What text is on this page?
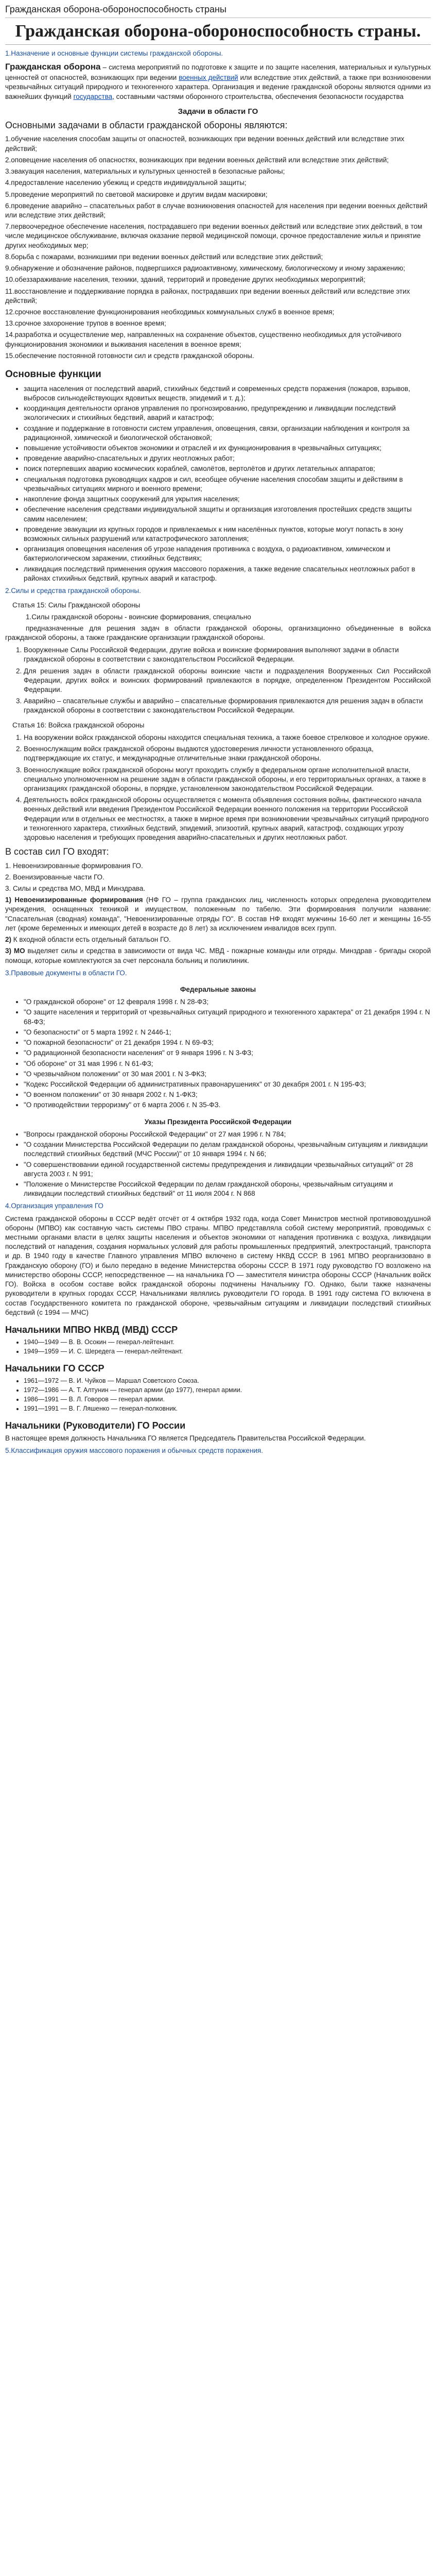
Гражданская оборона-обороноспособность страны
Гражданская оборона-обороноспособность страны.
1.Назначение и основные функции системы гражданской обороны.

Гражданская оборона – система мероприятий по подготовке к защите и по защите населения, материальных и культурных ценностей от опасностей, возникающих при ведении военных действий или вследствие этих действий, а также при возникновении чрезвычайных ситуаций природного и техногенного характера. Организация и ведение гражданской обороны являются одними из важнейших функций государства, составными частями оборонного строительства, обеспечения безопасности государства

Задачи в области ГО
Основными задачами в области гражданской обороны являются:

1.обучение населения способам защиты от опасностей, возникающих при ведении военных действий или вследствие этих действий;

2.оповещение населения об опасностях, возникающих при ведении военных действий или вследствие этих действий;

3.эвакуация населения, материальных и культурных ценностей в безопасные районы;

4.предоставление населению убежищ и средств индивидуальной защиты;

5.проведение мероприятий по световой маскировке и другим видам маскировки;

6.проведение аварийно – спасательных работ в случае возникновения опасностей для населения при ведении военных действий или вследствие этих действий;

7.первоочередное обеспечение населения, пострадавшего при ведении военных действий или вследствие этих действий, в том числе медицинское обслуживание, включая оказание первой медицинской помощи, срочное предоставление жилья и принятие других необходимых мер;

8.борьба с пожарами, возникшими при ведении военных действий или вследствие этих действий;

9.обнаружение и обозначение районов, подвергшихся радиоактивному, химическому, биологическому и иному заражению;

10.обеззараживание населения, техники, зданий, территорий и проведение других необходимых мероприятий;

11.восстановление и поддерживание порядка в районах, пострадавших при ведении военных действий или вследствие этих действий;

12.срочное восстановление функционирования необходимых коммунальных служб в военное время;

13.срочное захоронение трупов в военное время;

14.разработка и осуществление мер, направленных на сохранение объектов, существенно необходимых для устойчивого функционирования экономики и выживания населения в военное время;

15.обеспечение постоянной готовности сил и средств гражданской обороны.

Основные функции
• защита населения от последствий аварий, стихийных бедствий и современных средств поражения (пожаров, взрывов, выбросов сильнодействующих ядовитых веществ, эпидемий и т. д.);
• координация деятельности органов управления по прогнозированию, предупреждению и ликвидации последствий экологических и стихийных бедствий, аварий и катастроф;
• создание и поддержание в готовности систем управления, оповещения, связи, организации наблюдения и контроля за радиационной, химической и биологической обстановкой;
• повышение устойчивости объектов экономики и отраслей и их функционирования в чрезвычайных ситуациях;
• проведение аварийно-спасательных и других неотложных работ;
• поиск потерпевших аварию космических кораблей, самолётов, вертолётов и других летательных аппаратов;
• специальная подготовка руководящих кадров и сил, всеобщее обучение населения способам защиты и действиям в чрезвычайных ситуациях мирного и военного времени;
• накопление фонда защитных сооружений для укрытия населения;
• обеспечение населения средствами индивидуальной защиты и организация изготовления простейших средств защиты самим населением;
• проведение эвакуации из крупных городов и привлекаемых к ним населённых пунктов, которые могут попасть в зону возможных сильных разрушений или катастрофического затопления;
• организация оповещения населения об угрозе нападения противника с воздуха, о радиоактивном, химическом и бактериологическом заражении, стихийных бедствиях;
• ликвидация последствий применения оружия массового поражения, а также ведение спасательных неотложных работ в районах стихийных бедствий, крупных аварий и катастроф.
2.Силы и средства гражданской обороны.

Статья 15: Силы Гражданской обороны

1.Силы гражданской обороны - воинские формирования, специально

предназначенные для решения задач в области гражданской обороны, организационно объединенные в войска гражданской обороны, а также гражданские организации гражданской обороны.

1. Вооруженные Силы Российской Федерации, другие войска и воинские формирования выполняют задачи в области гражданской обороны в соответствии с законодательством Российской Федерации.
2. Для решения задач в области гражданской обороны воинские части и подразделения Вооруженных Сил Российской Федерации, других войск и воинских формирований привлекаются в порядке, определенном Президентом Российской Федерации.
3. Аварийно – спасательные службы и аварийно – спасательные формирования привлекаются для решения задач в области гражданской обороны в соответствии с законодательством Российской Федерации.

Статья 16: Войска гражданской обороны

1. На вооружении войск гражданской обороны находится специальная техника, а также боевое стрелковое и холодное оружие.
2. Военнослужащим войск гражданской обороны выдаются удостоверения личности установленного образца, подтверждающие их статус, и международные отличительные знаки гражданской обороны.
3. Военнослужащие войск гражданской обороны могут проходить службу в федеральном органе исполнительной власти, специально уполномоченном на решение задач в области гражданской обороны, и его территориальных органах, а также в организациях гражданской обороны, в порядке, установленном законодательством Российской Федерации.
4. Деятельность войск гражданской обороны осуществляется с момента объявления состояния войны, фактического начала военных действий или введения Президентом Российской Федерации военного положения на территории Российской Федерации или в отдельных ее местностях, а также в мирное время при возникновении чрезвычайных ситуаций природного и техногенного характера, стихийных бедствий, эпидемий, эпизоотий, крупных аварий, катастроф, создающих угрозу здоровью населения и требующих проведения аварийно-спасательных и других неотложных работ.
В состав сил ГО входят:

1. Невоенизированные формирования ГО.

2. Военизированные части ГО.

3. Силы и средства МО, МВД и Минздрава.

1) Невоенизированные формирования (НФ ГО – группа гражданских лиц, численность которых определена руководителем учреждения, оснащенных техникой и имуществом, положенным по табелю. Эти формирования получили название: "Спасательная (сводная) команда", "Невоенизированные отряды ГО". В состав НФ входят мужчины 16-60 лет и женщины 16-55 лет (кроме беременных и имеющих детей в возрасте до 8 лет) за исключением инвалидов всех групп.

2) К входной области есть отдельный батальон ГО.

3) МО выделяет силы и средства в зависимости от вида ЧС. МВД - пожарные команды или отряды. Минздрав - бригады скорой помощи, которые комплектуются за счет персонала больниц и поликлиник.

3.Правовые документы в области ГО.

Федеральные законы

• "О гражданской обороне" от 12 февраля 1998 г. N 28-ФЗ;
• "О защите населения и территорий от чрезвычайных ситуаций природного и техногенного характера" от 21 декабря 1994 г. N 68-ФЗ;
• "О безопасности" от 5 марта 1992 г. N 2446-1;
• "О пожарной безопасности" от 21 декабря 1994 г. N 69-ФЗ;
• "О радиационной безопасности населения" от 9 января 1996 г. N 3-ФЗ;
• "Об обороне" от 31 мая 1996 г. N 61-ФЗ;
• "О чрезвычайном положении" от 30 мая 2001 г. N 3-ФКЗ;
• "Кодекс Российской Федерации об административных правонарушениях" от 30 декабря 2001 г. N 195-ФЗ;
• "О военном положении" от 30 января 2002 г. N 1-ФКЗ;
• "О противодействии терроризму" от 6 марта 2006 г. N 35-ФЗ.

Указы Президента Российской Федерации

• "Вопросы гражданской обороны Российской Федерации" от 27 мая 1996 г. N 784;
• "О создании Министерства Российской Федерации по делам гражданской обороны, чрезвычайным ситуациям и ликвидации последствий стихийных бедствий (МЧС России)" от 10 января 1994 г. N 66;
• "О совершенствовании единой государственной системы предупреждения и ликвидации чрезвычайных ситуаций" от 28 августа 2003 г. N 991;
• "Положение о Министерстве Российской Федерации по делам гражданской обороны, чрезвычайным ситуациям и ликвидации последствий стихийных бедствий" от 11 июля 2004 г. N 868
4.Организация управления ГО

Система гражданской обороны в СССР ведёт отсчёт от 4 октября 1932 года, когда Совет Министров местной противовоздушной обороны (МПВО) как составную часть системы ПВО страны. МПВО представляла собой систему мероприятий, проводимых с местными органами власти в целях защиты населения и объектов экономики от нападения противника с воздуха, ликвидации последствий от нападения, создания нормальных условий для работы промышленных предприятий, электростанций, транспорта и др. В 1940 году в качестве Главного управления МПВО включено в систему НКВД СССР. В 1961 МПВО реорганизовано в Гражданскую оборону (ГО) и было передано в ведение Министерства обороны СССР. В 1971 году руководство ГО возложено на министерство обороны СССР, непосредственное — на начальника ГО — заместителя министра обороны СССР (Начальник войск ГО). Войска в особом составе войск гражданской обороны подчинены Начальнику ГО. Однако, были также назначены руководители в крупных городах СССР, Начальниками являлись руководители ГО города. В 1991 году система ГО включена в состав Государственного комитета по гражданской обороне, чрезвычайным ситуациям и ликвидации последствий стихийных бедствий (с 1994 — МЧС)

Начальники МПВО НКВД (МВД) СССР
• 1940—1949 — В. В. Осокин — генерал-лейтенант.
• 1949—1959 — И. С. Шередега — генерал-лейтенант.
Начальники ГО СССР
• 1961—1972 — В. И. Чуйков — Маршал Советского Союза.
• 1972—1986 — А. Т. Алтунин — генерал армии (до 1977), генерал армии.
• 1986—1991 — В. Л. Говоров — генерал армии.
• 1991—1991 — В. Г. Ляшенко — генерал-полковник.
Начальники (Руководители) ГО России

В настоящее время должность Начальника ГО является Председатель Правительства Российской Федерации.

5.Классификация оружия массового поражения и обычных средств поражения.
